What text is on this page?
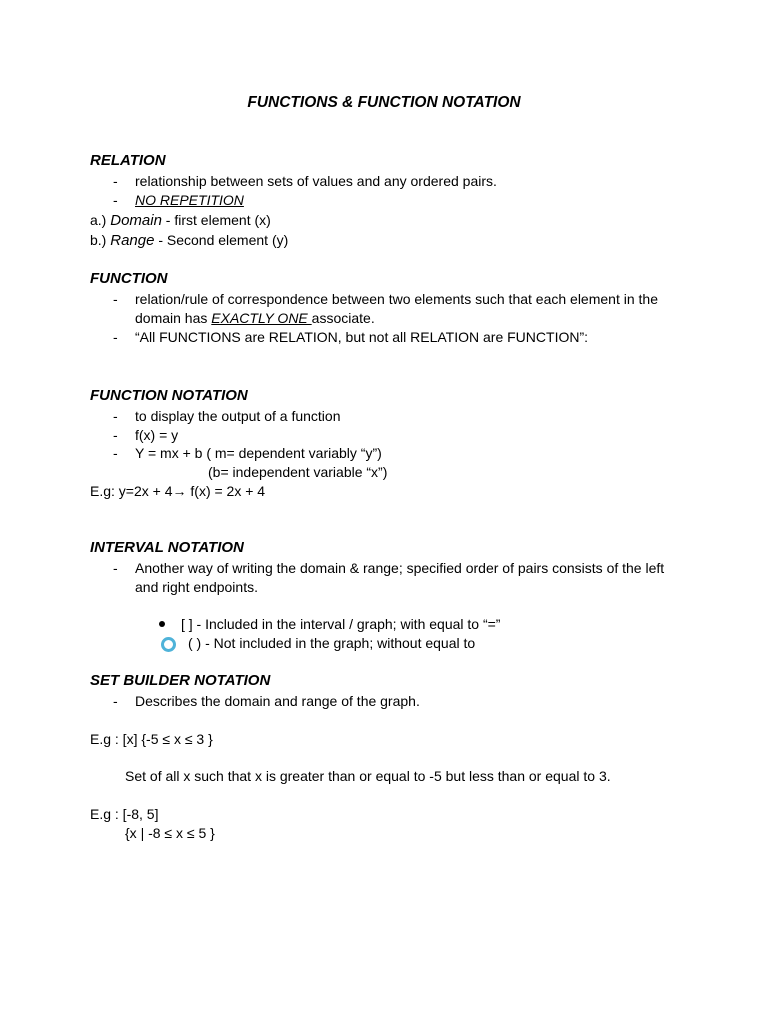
FUNCTIONS & FUNCTION NOTATION
RELATION
- relationship between sets of values and any ordered pairs.
- NO REPETITION
a.) Domain - first element (x)
b.) Range - Second element (y)
FUNCTION
- relation/rule of correspondence between two elements such that each element in the
domain has EXACTLY ONE associate.
- “All FUNCTIONS are RELATION, but not all RELATION are FUNCTION”:
FUNCTION NOTATION
- to display the output of a function
- f(x) = y
- Y = mx + b ( m= dependent variably “y”)
(b= independent variable “x”)
E.g: y=2x + 4→ f(x) = 2x + 4
INTERVAL NOTATION
- Another way of writing the domain & range; specified order of pairs consists of the left
and right endpoints.
[ ] - Included in the interval / graph; with equal to “=”
( ) - Not included in the graph; without equal to
SET BUILDER NOTATION
- Describes the domain and range of the graph.
E.g : [x] {-5 ≤ x ≤ 3 }
Set of all x such that x is greater than or equal to -5 but less than or equal to 3.
E.g : [-8, 5]
{x | -8 ≤ x ≤ 5 }
